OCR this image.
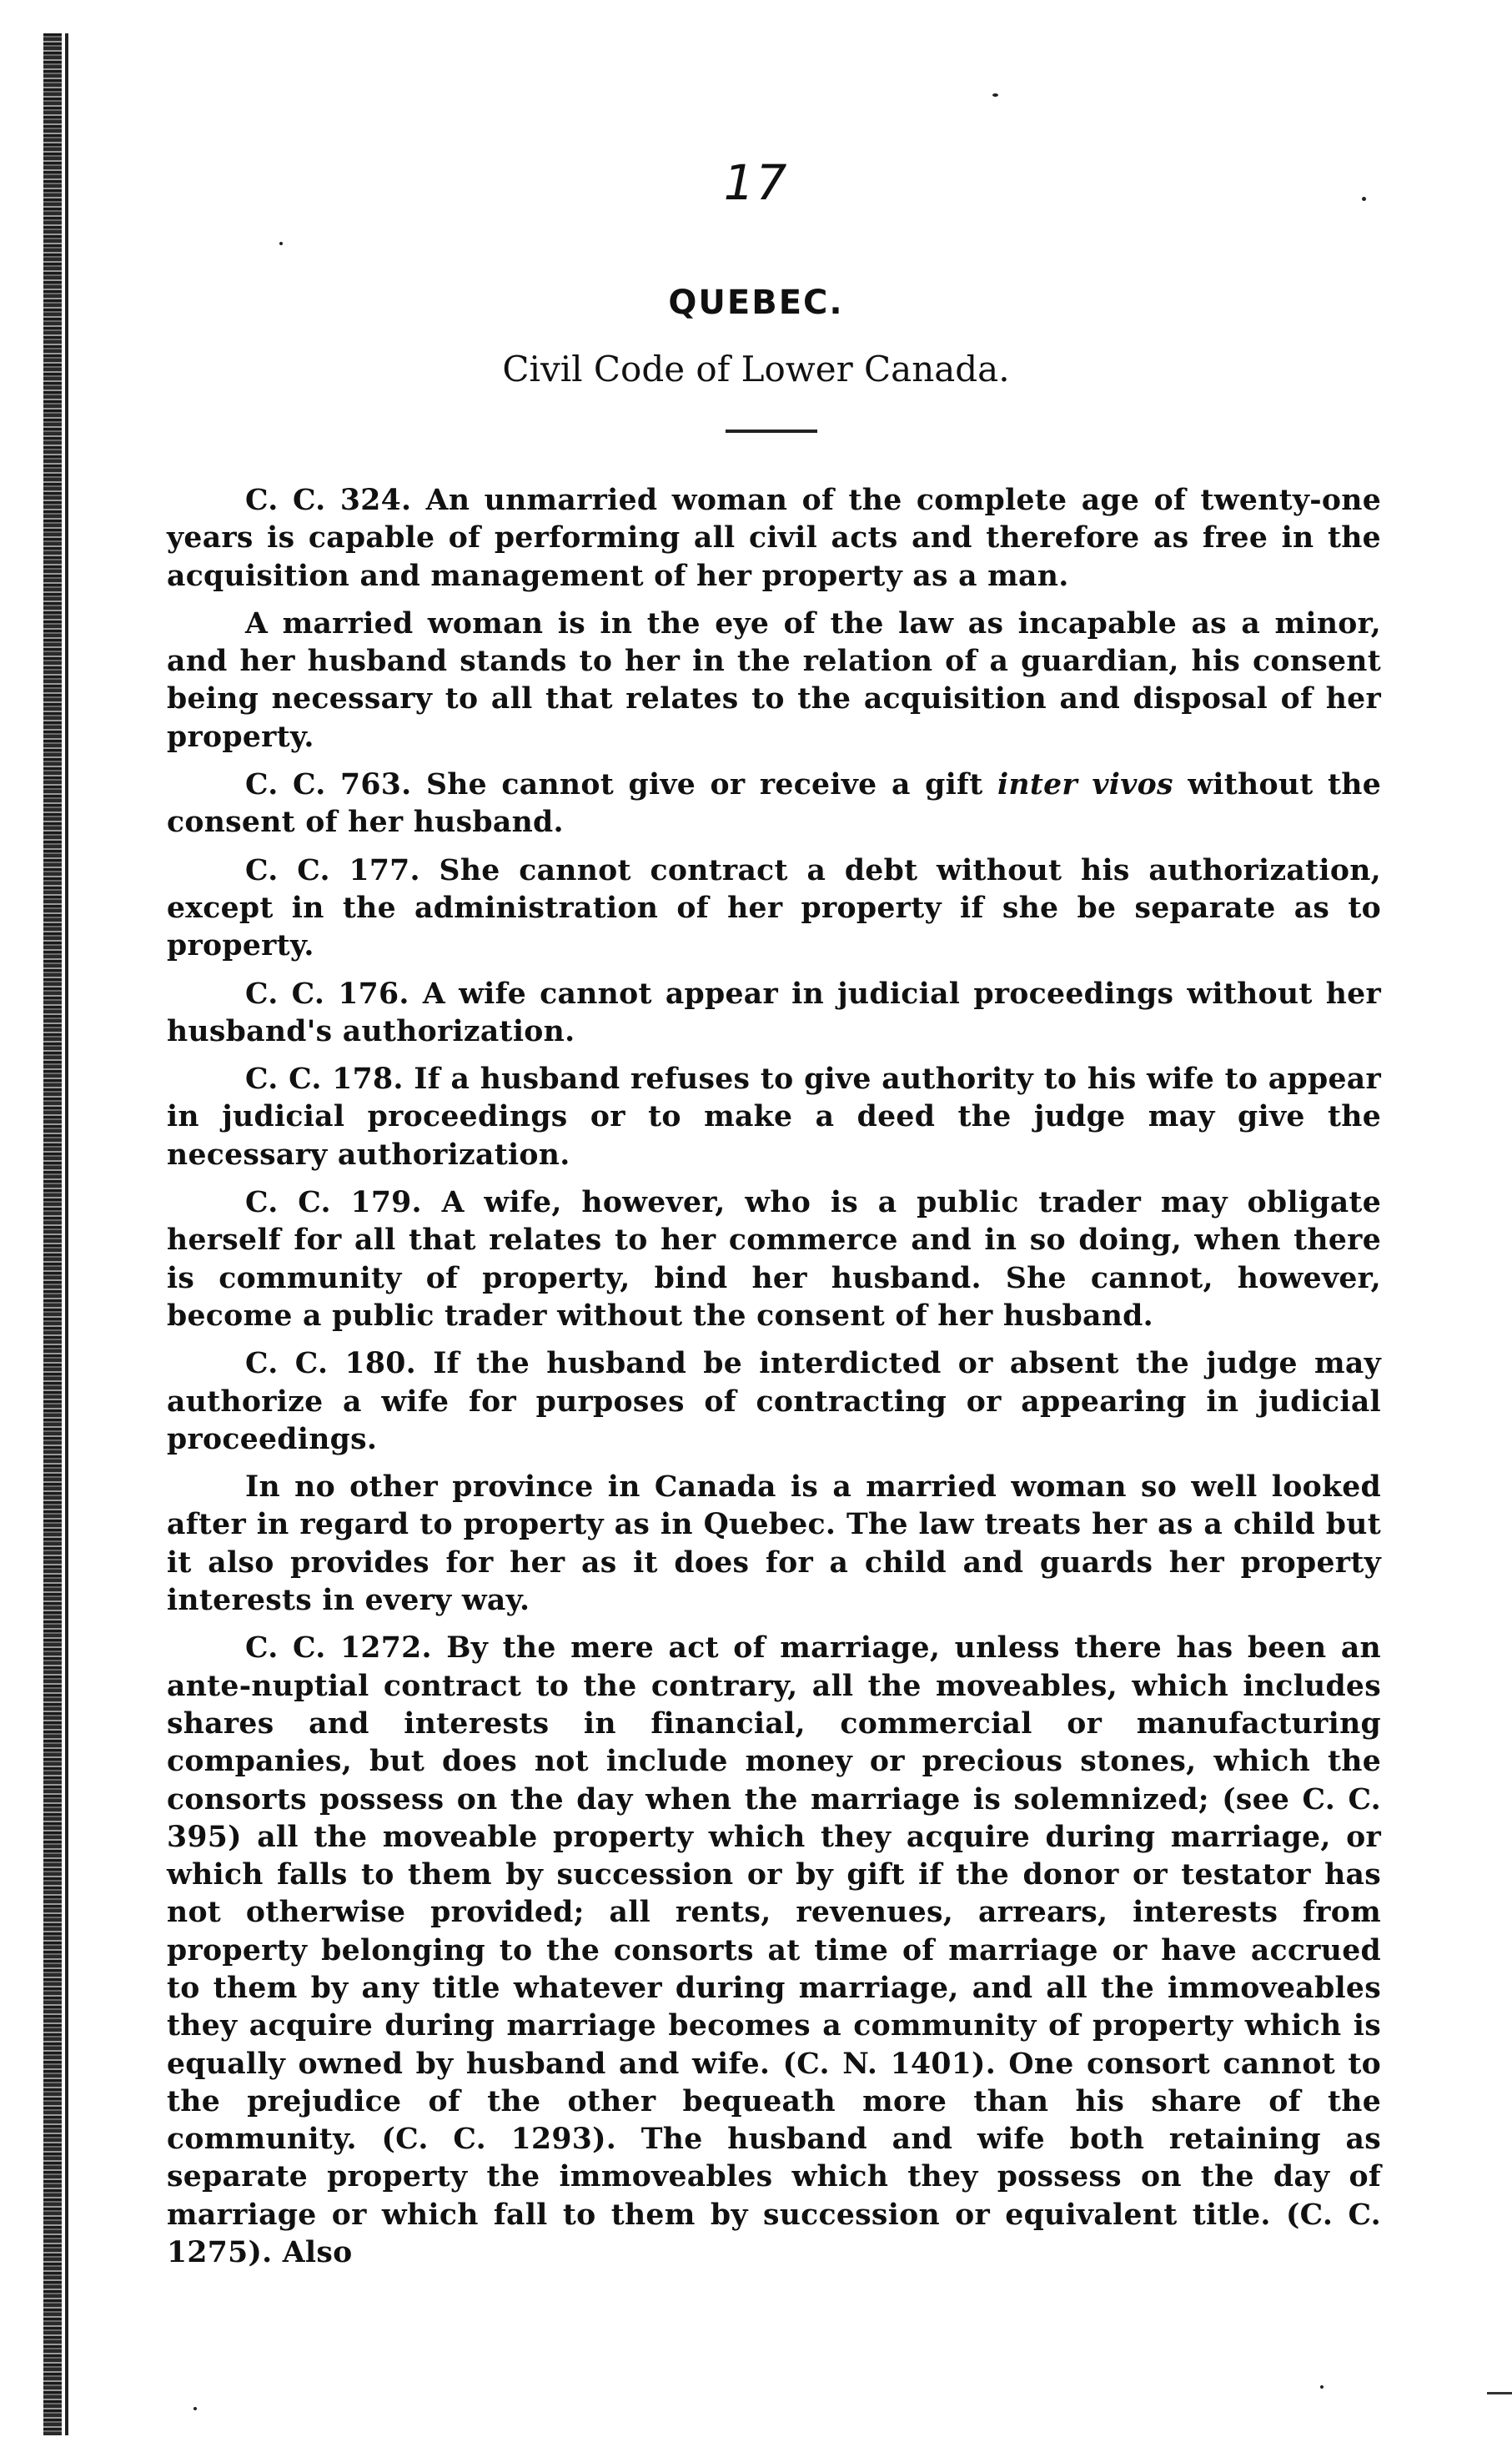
17
QUEBEC.
Civil Code of Lower Canada.

C. C. 324. An unmarried woman of the complete age of twenty-one years is capable of performing all civil acts and therefore as free in the acquisition and management of her property as a man.

A married woman is in the eye of the law as incapable as a minor, and her husband stands to her in the relation of a guardian, his consent being necessary to all that relates to the acquisition and disposal of her property.

C. C. 763. She cannot give or receive a gift inter vivos without the consent of her husband.

C. C. 177. She cannot contract a debt without his authorization, except in the administration of her property if she be separate as to property.

C. C. 176. A wife cannot appear in judicial proceedings without her husband's authorization.

C. C. 178. If a husband refuses to give authority to his wife to appear in judicial proceedings or to make a deed the judge may give the necessary authorization.

C. C. 179. A wife, however, who is a public trader may obligate herself for all that relates to her commerce and in so doing, when there is community of property, bind her husband. She cannot, however, become a public trader without the consent of her husband.

C. C. 180. If the husband be interdicted or absent the judge may authorize a wife for purposes of contracting or appearing in judicial proceedings.

In no other province in Canada is a married woman so well looked after in regard to property as in Quebec. The law treats her as a child but it also provides for her as it does for a child and guards her property interests in every way.

C. C. 1272. By the mere act of marriage, unless there has been an ante-nuptial contract to the contrary, all the moveables, which includes shares and interests in financial, commercial or manufacturing companies, but does not include money or precious stones, which the consorts possess on the day when the marriage is solemnized; (see C. C. 395) all the moveable property which they acquire during marriage, or which falls to them by succession or by gift if the donor or testator has not otherwise provided; all rents, revenues, arrears, interests from property belonging to the consorts at time of marriage or have accrued to them by any title whatever during marriage, and all the immoveables they acquire during marriage becomes a community of property which is equally owned by husband and wife. (C. N. 1401). One consort cannot to the prejudice of the other bequeath more than his share of the community. (C. C. 1293). The husband and wife both retaining as separate property the immoveables which they possess on the day of marriage or which fall to them by succession or equivalent title. (C. C. 1275). Also
